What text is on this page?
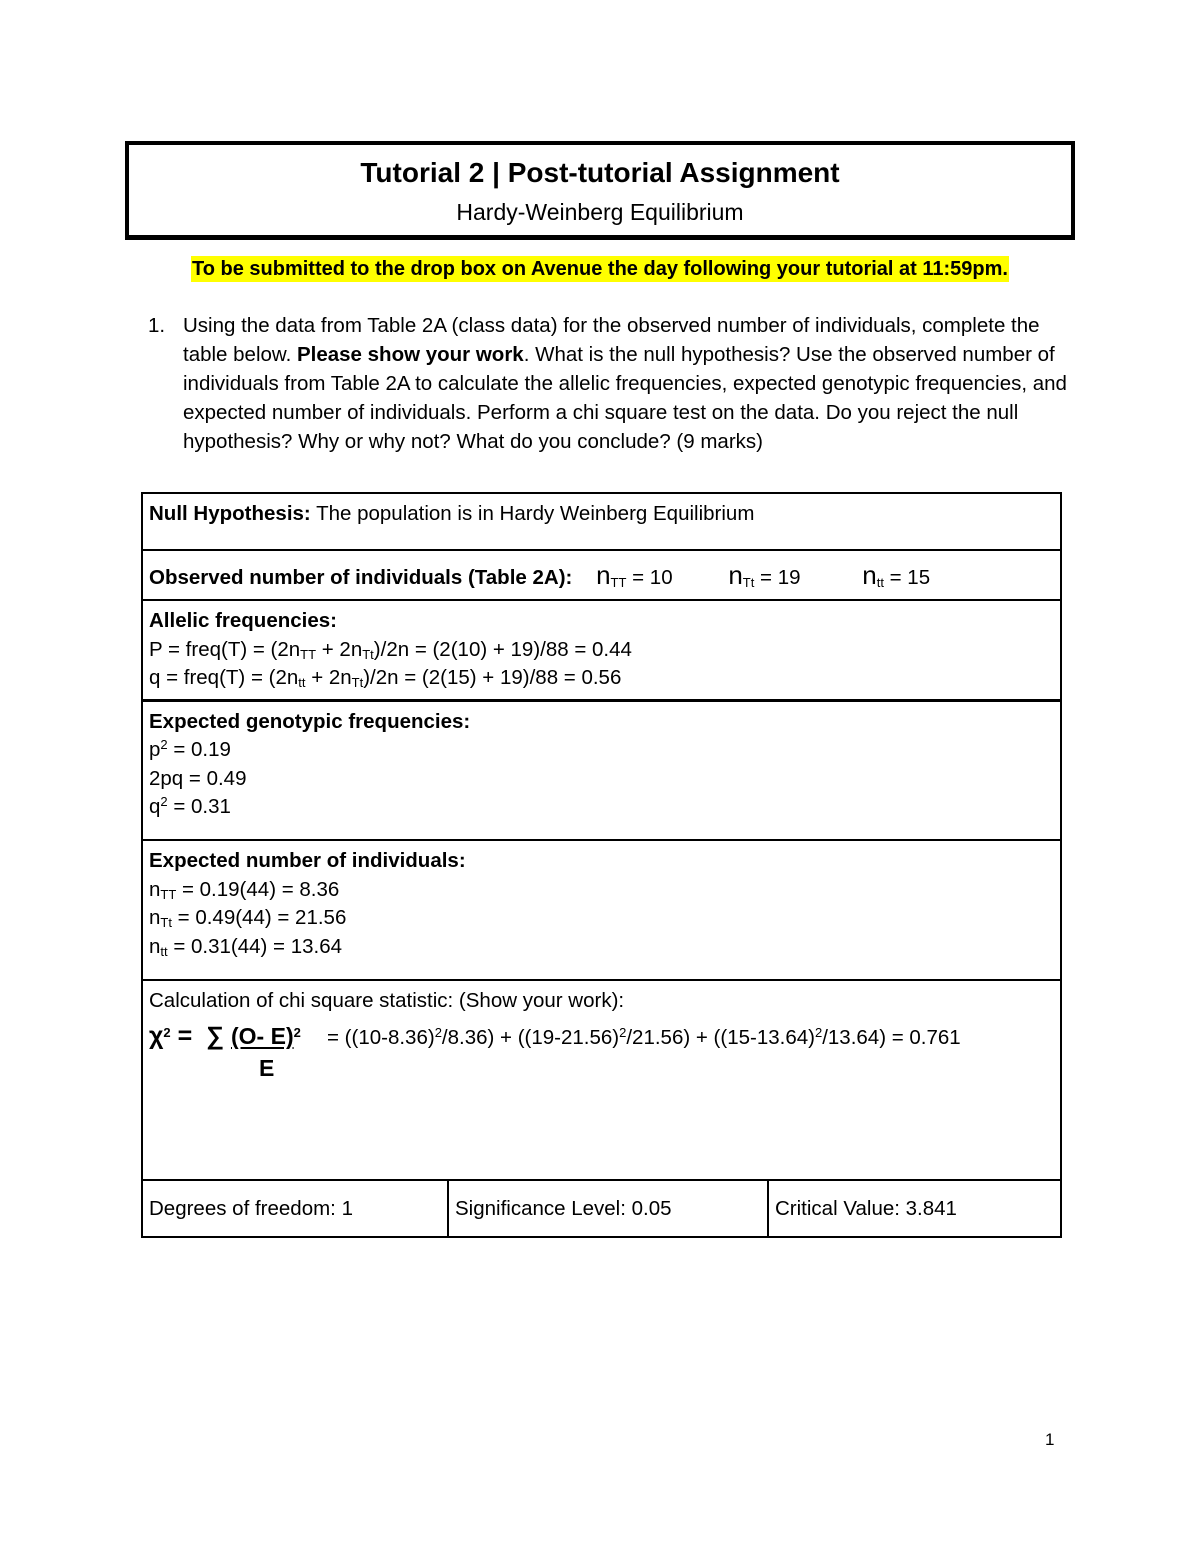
Tutorial 2 | Post-tutorial Assignment
Hardy-Weinberg Equilibrium
To be submitted to the drop box on Avenue the day following your tutorial at 11:59pm.
1. Using the data from Table 2A (class data) for the observed number of individuals, complete the table below. Please show your work. What is the null hypothesis? Use the observed number of individuals from Table 2A to calculate the allelic frequencies, expected genotypic frequencies, and expected number of individuals. Perform a chi square test on the data. Do you reject the null hypothesis? Why or why not? What do you conclude? (9 marks)
Null Hypothesis: The population is in Hardy Weinberg Equilibrium
Observed number of individuals (Table 2A): $n_{TT} = 10$ $n_{Tt} = 19$ $n_{tt} = 15$

Allelic frequencies:
P = freq(T) = $(2n_{TT} + 2n_{Tt})/2n = (2(10) + 19)/88 = 0.44$
q = freq(T) = $(2n_{tt} + 2n_{Tt})/2n = (2(15) + 19)/88 = 0.56$

Expected genotypic frequencies:
$p^2 = 0.19$
2pq = 0.49
$q^2 = 0.31$

Expected number of individuals:
$n_{TT} = 0.19(44) = 8.36$
$n_{Tt} = 0.49(44) = 21.56$
$n_{tt} = 0.31(44) = 13.64$

Calculation of chi square statistic: (Show your work):
$\chi^2$ =  ∑
(O- E)$^2$
E
= $((10-8.36)^2/8.36) + ((19-21.56)^2/21.56) + ((15-13.64)^2/13.64) = 0.761$

Degrees of freedom: 1	Significance Level: 0.05	Critical Value: 3.841
1
